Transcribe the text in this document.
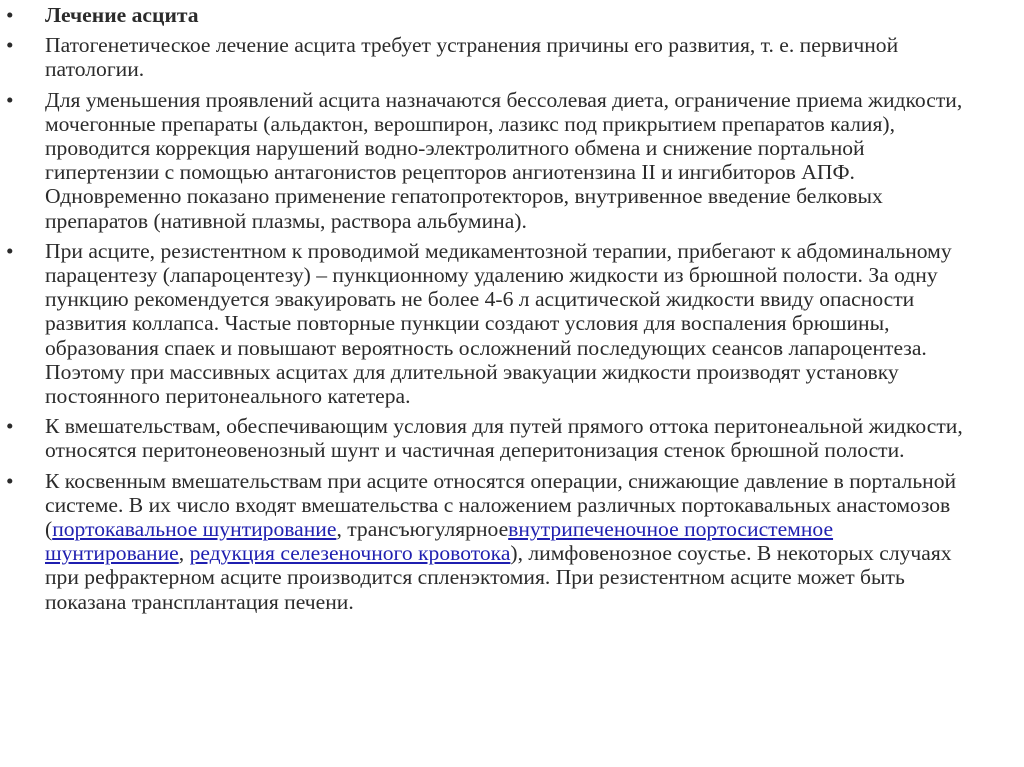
• Лечение асцита

• Патогенетическое лечение асцита требует устранения причины его развития, т. е. первичной патологии.

• Для уменьшения проявлений асцита назначаются бессолевая диета, ограничение приема жидкости, мочегонные препараты (альдактон, верошпирон, лазикс под прикрытием препаратов калия), проводится коррекция нарушений водно-электролитного обмена и снижение портальной гипертензии с помощью антагонистов рецепторов ангиотензина II и ингибиторов АПФ. Одновременно показано применение гепатопротекторов, внутривенное введение белковых препаратов (нативной плазмы, раствора альбумина).

• При асците, резистентном к проводимой медикаментозной терапии, прибегают к абдоминальному парацентезу (лапароцентезу) – пункционному удалению жидкости из брюшной полости. За одну пункцию рекомендуется эвакуировать не более 4-6 л асцитической жидкости ввиду опасности развития коллапса. Частые повторные пункции создают условия для воспаления брюшины, образования спаек и повышают вероятность осложнений последующих сеансов лапароцентеза. Поэтому при массивных асцитах для длительной эвакуации жидкости производят установку постоянного перитонеального катетера.

• К вмешательствам, обеспечивающим условия для путей прямого оттока перитонеальной жидкости, относятся перитонеовенозный шунт и частичная деперитонизация стенок брюшной полости.

• К косвенным вмешательствам при асците относятся операции, снижающие давление в портальной системе. В их число входят вмешательства с наложением различных портокавальных анастомозов (портокавальное шунтирование, трансъюгулярноевнутрипеченочное портосистемное шунтирование, редукция селезеночного кровотока), лимфовенозное соустье. В некоторых случаях при рефрактерном асците производится спленэктомия. При резистентном асците может быть показана трансплантация печени.
